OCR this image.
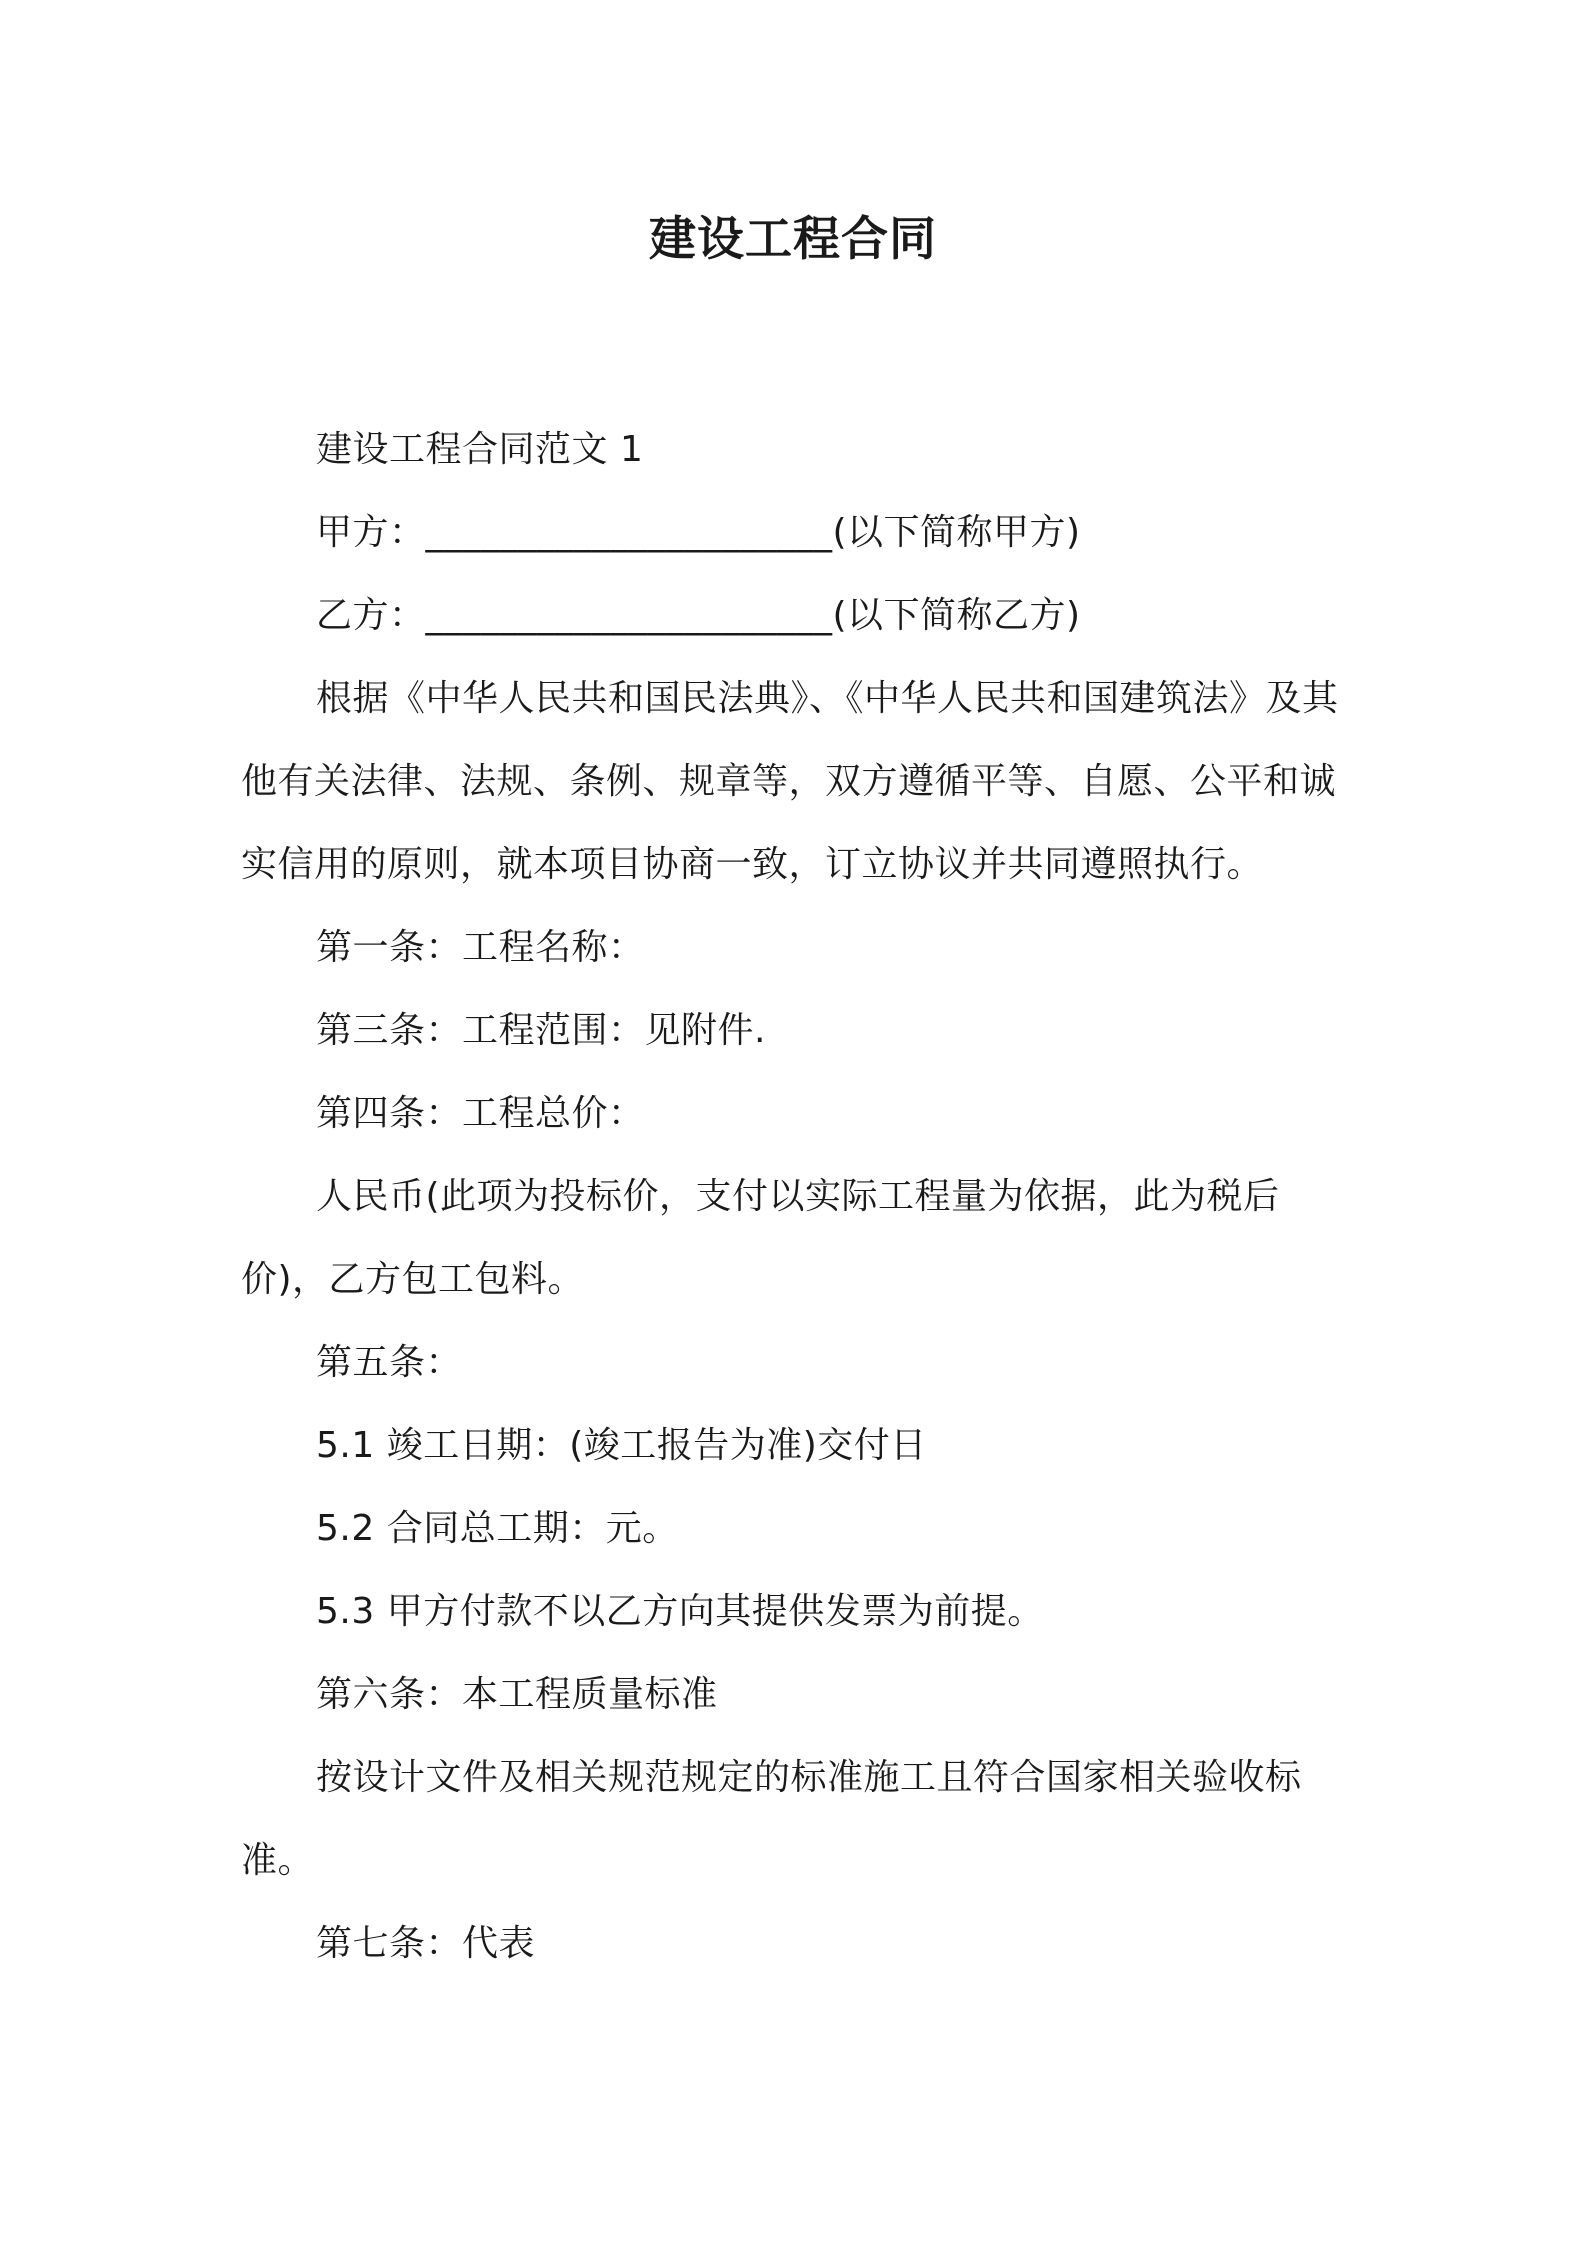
建设工程合同

建设工程合同范文 1

甲方：______________________(以下简称甲方)

乙方：______________________(以下简称乙方)

根据《中华人民共和国民法典》、《中华人民共和国建筑法》及其他有关法律、法规、条例、规章等，双方遵循平等、自愿、公平和诚实信用的原则，就本项目协商一致，订立协议并共同遵照执行。

第一条：工程名称：

第三条：工程范围：见附件.

第四条：工程总价：

人民币(此项为投标价，支付以实际工程量为依据，此为税后价)，乙方包工包料。

第五条：

5.1 竣工日期：(竣工报告为准)交付日

5.2 合同总工期：元。

5.3 甲方付款不以乙方向其提供发票为前提。

第六条：本工程质量标准

按设计文件及相关规范规定的标准施工且符合国家相关验收标准。

第七条：代表
